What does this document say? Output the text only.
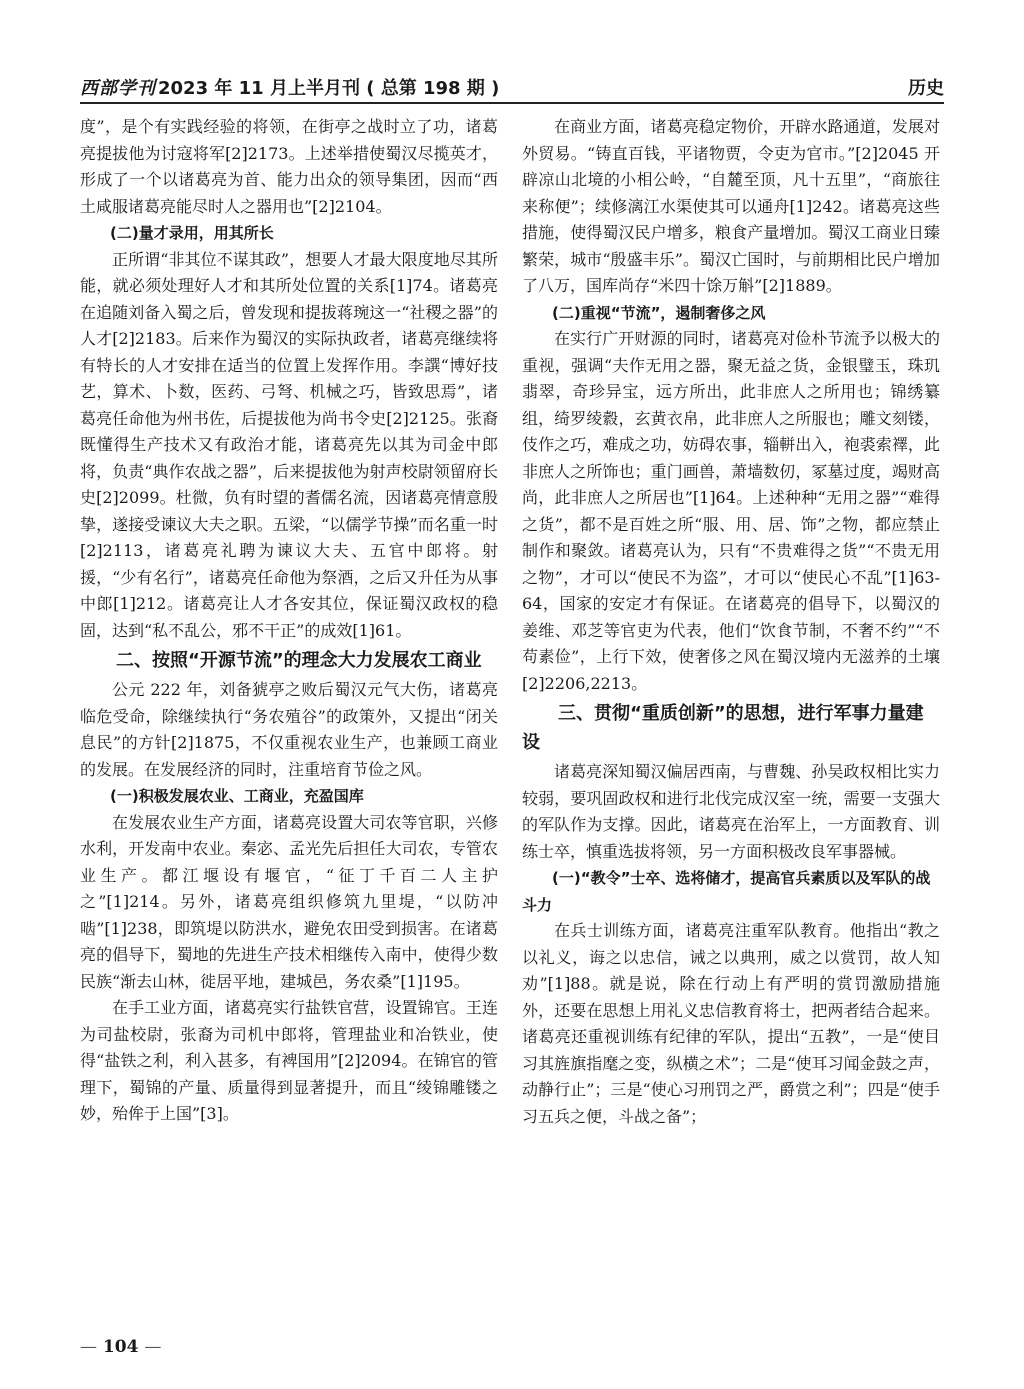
西部学刊 2023 年 11 月上半月刊 ( 总第 198 期 )	历史

度”，是个有实践经验的将领，在街亭之战时立了功，诸葛亮提拔他为讨寇将军[2]2173。上述举措使蜀汉尽揽英才，形成了一个以诸葛亮为首、能力出众的领导集团，因而“西土咸服诸葛亮能尽时人之器用也”[2]2104。

(二)量才录用，用其所长

正所谓“非其位不谋其政”，想要人才最大限度地尽其所能，就必须处理好人才和其所处位置的关系[1]74。诸葛亮在追随刘备入蜀之后，曾发现和提拔蒋琬这一“社稷之器”的人才[2]2183。后来作为蜀汉的实际执政者，诸葛亮继续将有特长的人才安排在适当的位置上发挥作用。李譔“博好技艺，算术、卜数，医药、弓弩、机械之巧，皆致思焉”，诸葛亮任命他为州书佐，后提拔他为尚书令史[2]2125。张裔既懂得生产技术又有政治才能，诸葛亮先以其为司金中郎将，负责“典作农战之器”，后来提拔他为射声校尉领留府长史[2]2099。杜微，负有时望的耆儒名流，因诸葛亮情意殷挚，遂接受谏议大夫之职。五梁，“以儒学节操”而名重一时[2]2113，诸葛亮礼聘为谏议大夫、五官中郎将。射援，“少有名行”，诸葛亮任命他为祭酒，之后又升任为从事中郎[1]212。诸葛亮让人才各安其位，保证蜀汉政权的稳固，达到“私不乱公，邪不干正”的成效[1]61。

二、按照“开源节流”的理念大力发展农工商业

公元 222 年，刘备猇亭之败后蜀汉元气大伤，诸葛亮临危受命，除继续执行“务农殖谷”的政策外，又提出“闭关息民”的方针[2]1875，不仅重视农业生产，也兼顾工商业的发展。在发展经济的同时，注重培育节俭之风。

(一)积极发展农业、工商业，充盈国库

在发展农业生产方面，诸葛亮设置大司农等官职，兴修水利，开发南中农业。秦宓、孟光先后担任大司农，专管农业生产。都江堰设有堰官，“征丁千百二人主护之”[1]214。另外，诸葛亮组织修筑九里堤，“以防冲啮”[1]238，即筑堤以防洪水，避免农田受到损害。在诸葛亮的倡导下，蜀地的先进生产技术相继传入南中，使得少数民族“渐去山林，徙居平地，建城邑，务农桑”[1]195。

在手工业方面，诸葛亮实行盐铁官营，设置锦官。王连为司盐校尉，张裔为司机中郎将，管理盐业和冶铁业，使得“盐铁之利，利入甚多，有裨国用”[2]2094。在锦官的管理下，蜀锦的产量、质量得到显著提升，而且“绫锦雕镂之妙，殆侔于上国”[3]。

在商业方面，诸葛亮稳定物价，开辟水路通道，发展对外贸易。“铸直百钱，平诸物贾，令吏为官市。”[2]2045 开辟凉山北境的小相公岭，“自麓至顶，凡十五里”，“商旅往来称便”；续修漓江水渠使其可以通舟[1]242。诸葛亮这些措施，使得蜀汉民户增多，粮食产量增加。蜀汉工商业日臻繁荣，城市“殷盛丰乐”。蜀汉亡国时，与前期相比民户增加了八万，国库尚存“米四十馀万斛”[2]1889。

(二)重视“节流”，遏制奢侈之风

在实行广开财源的同时，诸葛亮对俭朴节流予以极大的重视，强调“夫作无用之器，聚无益之货，金银璧玉，珠玑翡翠，奇珍异宝，远方所出，此非庶人之所用也；锦绣纂组，绮罗绫縠，玄黄衣帛，此非庶人之所服也；雕文刻镂，伎作之巧，难成之功，妨碍农事，辎軿出入，袍裘索襗，此非庶人之所饰也；重门画兽，萧墙数仞，冢墓过度，竭财高尚，此非庶人之所居也”[1]64。上述种种“无用之器”“难得之货”，都不是百姓之所“服、用、居、饰”之物，都应禁止制作和聚敛。诸葛亮认为，只有“不贵难得之货”“不贵无用之物”，才可以“使民不为盗”，才可以“使民心不乱”[1]63-64，国家的安定才有保证。在诸葛亮的倡导下，以蜀汉的姜维、邓芝等官吏为代表，他们“饮食节制，不奢不约”“不苟素俭”，上行下效，使奢侈之风在蜀汉境内无滋养的土壤[2]2206,2213。

三、贯彻“重质创新”的思想，进行军事力量建设

诸葛亮深知蜀汉偏居西南，与曹魏、孙吴政权相比实力较弱，要巩固政权和进行北伐完成汉室一统，需要一支强大的军队作为支撑。因此，诸葛亮在治军上，一方面教育、训练士卒，慎重选拔将领，另一方面积极改良军事器械。

(一)“教令”士卒、选将储才，提高官兵素质以及军队的战斗力

在兵士训练方面，诸葛亮注重军队教育。他指出“教之以礼义，诲之以忠信，诫之以典刑，威之以赏罚，故人知劝”[1]88。就是说，除在行动上有严明的赏罚激励措施外，还要在思想上用礼义忠信教育将士，把两者结合起来。诸葛亮还重视训练有纪律的军队，提出“五教”，一是“使目习其旌旗指麾之变，纵横之术”；二是“使耳习闻金鼓之声，动静行止”；三是“使心习刑罚之严，爵赏之利”；四是“使手习五兵之便，斗战之备”；

— 104 —
